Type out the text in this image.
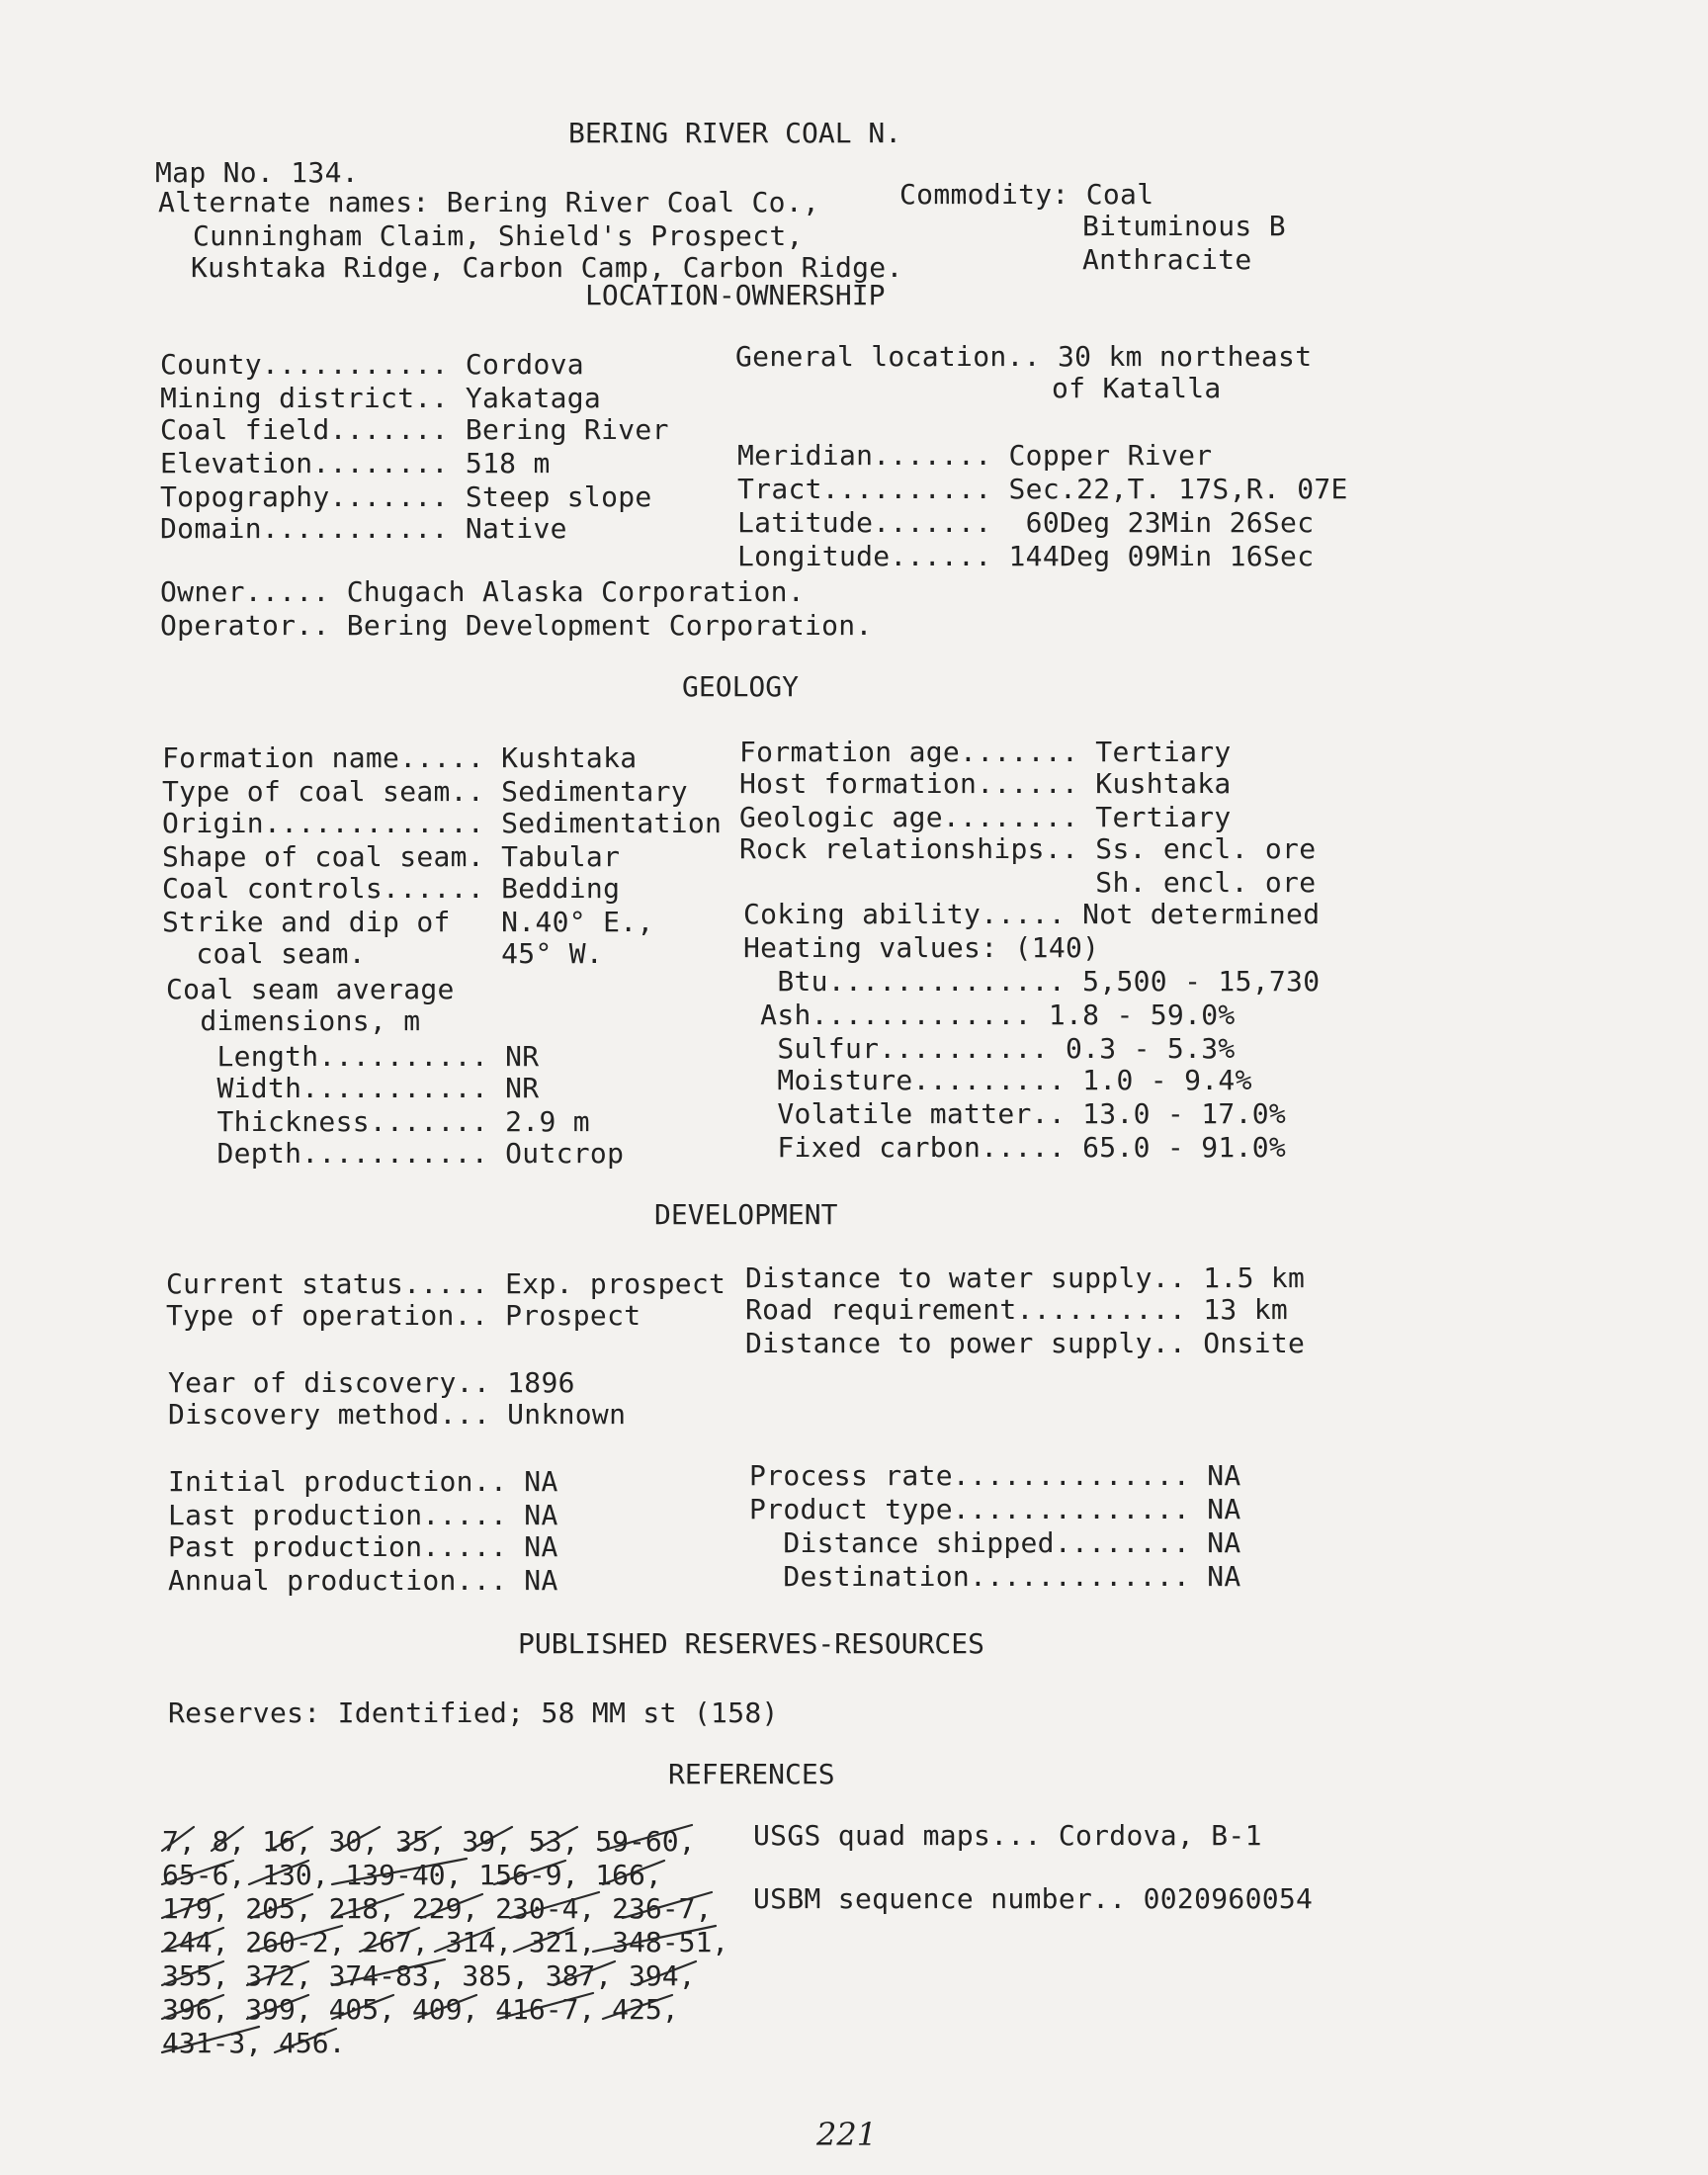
BERING RIVER COAL N.
Map No. 134.
Alternate names: Bering River Coal Co.,
Cunningham Claim, Shield's Prospect,
Kushtaka Ridge, Carbon Camp, Carbon Ridge.
Commodity: Coal
Bituminous B
Anthracite
LOCATION-OWNERSHIP
County........... Cordova
Mining district.. Yakataga
Coal field....... Bering River
Elevation........ 518 m
Topography....... Steep slope
Domain........... Native
General location.. 30 km northeast
of Katalla
Meridian....... Copper River
Tract.......... Sec.22,T. 17S,R. 07E
Latitude.......  60Deg 23Min 26Sec
Longitude...... 144Deg 09Min 16Sec
Owner..... Chugach Alaska Corporation.
Operator.. Bering Development Corporation.
GEOLOGY
Formation name..... Kushtaka
Type of coal seam.. Sedimentary
Origin............. Sedimentation
Shape of coal seam. Tabular
Coal controls...... Bedding
Strike and dip of   N.40° E.,
coal seam.        45° W.
Coal seam average
dimensions, m
Length.......... NR
Width........... NR
Thickness....... 2.9 m
Depth........... Outcrop
Formation age....... Tertiary
Host formation...... Kushtaka
Geologic age........ Tertiary
Rock relationships.. Ss. encl. ore
Sh. encl. ore
Coking ability..... Not determined
Heating values: (140)
Btu.............. 5,500 - 15,730
Ash............. 1.8 - 59.0%
Sulfur.......... 0.3 - 5.3%
Moisture......... 1.0 - 9.4%
Volatile matter.. 13.0 - 17.0%
Fixed carbon..... 65.0 - 91.0%
DEVELOPMENT
Current status..... Exp. prospect
Type of operation.. Prospect
Distance to water supply.. 1.5 km
Road requirement.......... 13 km
Distance to power supply.. Onsite
Year of discovery.. 1896
Discovery method... Unknown
Initial production.. NA
Last production..... NA
Past production..... NA
Annual production... NA
Process rate.............. NA
Product type.............. NA
Distance shipped........ NA
Destination............. NA
PUBLISHED RESERVES-RESOURCES
Reserves: Identified; 58 MM st (158)
REFERENCES
7, 8, 16, 30, 35, 39, 53, 59-60,
65-6, 130, 139-40, 156-9, 166,
179, 205, 218, 229, 230-4, 236-7,
244, 260-2, 267, 314, 321, 348-51,
355, 372, 374-83, 385, 387, 394,
396, 399, 405, 409, 416-7, 425,
431-3, 456.
USGS quad maps... Cordova, B-1
USBM sequence number.. 0020960054
221
